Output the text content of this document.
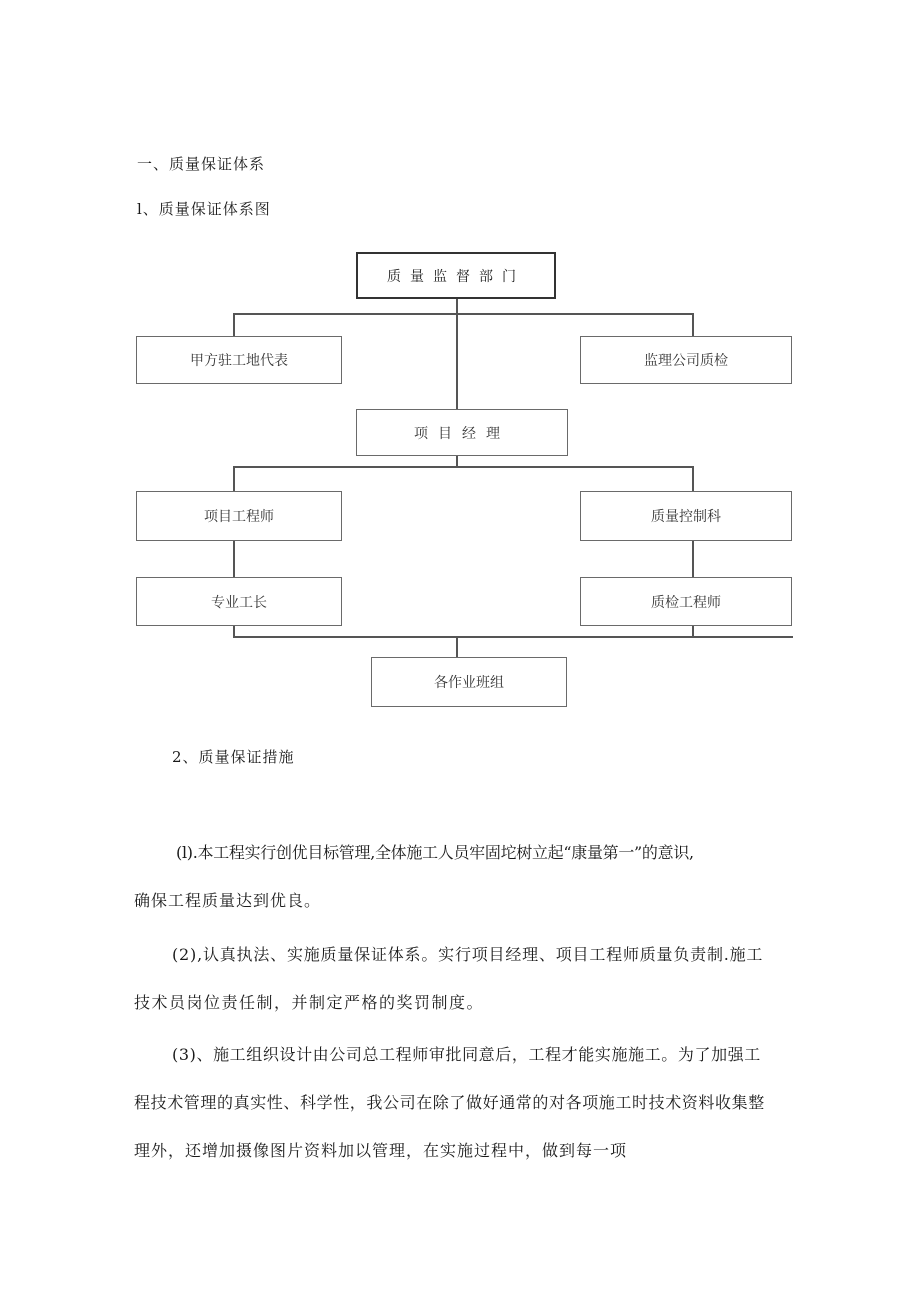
一、质量保证体系
l、质量保证体系图
质量监督部门
甲方驻工地代表	监理公司质检
项目经理
项目工程师	质量控制科
专业工长	质检工程师
各作业班组
2、质量保证措施
(l).本工程实行创优目标管理,全体施工人员牢固坨树立起“康量第一”的意识,
确保工程质量达到优良。
(2),认真执法、实施质量保证体系。实行项目经理、项目工程师质量负责制.施工
技术员岗位责任制，并制定严格的奖罚制度。
(3)、施工组织设计由公司总工程师审批同意后，工程才能实施施工。为了加强工
程技术管理的真实性、科学性，我公司在除了做好通常的对各项施工时技术资料收集整
理外，还增加摄像图片资料加以管理，在实施过程中，做到每一项
